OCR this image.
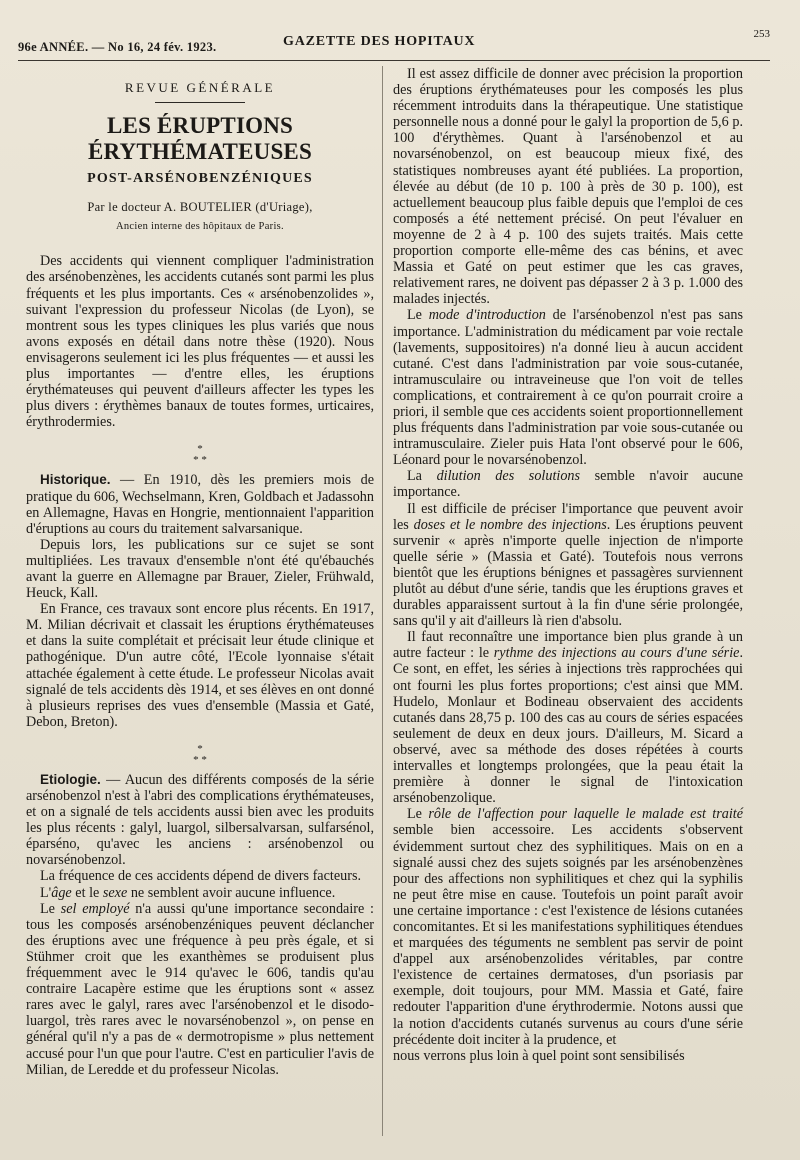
96e ANNÉE. — No 16, 24 fév. 1923.	GAZETTE DES HOPITAUX	253
REVUE GÉNÉRALE
LES ÉRUPTIONS ÉRYTHÉMATEUSES
POST-ARSÉNOBENZÉNIQUES
Par le docteur A. BOUTELIER (d'Uriage),
Ancien interne des hôpitaux de Paris.

Des accidents qui viennent compliquer l'administration des arsénobenzènes, les accidents cutanés sont parmi les plus fréquents et les plus importants. Ces « arsénobenzolides », suivant l'expression du professeur Nicolas (de Lyon), se montrent sous les types cliniques les plus variés que nous avons exposés en détail dans notre thèse (1920). Nous envisagerons seulement ici les plus fréquentes — et aussi les plus importantes — d'entre elles, les éruptions érythémateuses qui peuvent d'ailleurs affecter les types les plus divers : érythèmes banaux de toutes formes, urticaires, érythrodermies.

*
* *

Historique. — En 1910, dès les premiers mois de pratique du 606, Wechselmann, Kren, Goldbach et Jadassohn en Allemagne, Havas en Hongrie, mentionnaient l'apparition d'éruptions au cours du traitement salvarsanique.

Depuis lors, les publications sur ce sujet se sont multipliées. Les travaux d'ensemble n'ont été qu'ébauchés avant la guerre en Allemagne par Brauer, Zieler, Frühwald, Heuck, Kall.

En France, ces travaux sont encore plus récents. En 1917, M. Milian décrivait et classait les éruptions érythémateuses et dans la suite complétait et précisait leur étude clinique et pathogénique. D'un autre côté, l'Ecole lyonnaise s'était attachée également à cette étude. Le professeur Nicolas avait signalé de tels accidents dès 1914, et ses élèves en ont donné à plusieurs reprises des vues d'ensemble (Massia et Gaté, Debon, Breton).

*
* *

Etiologie. — Aucun des différents composés de la série arsénobenzol n'est à l'abri des complications érythémateuses, et on a signalé de tels accidents aussi bien avec les produits les plus récents : galyl, luargol, silbersalvarsan, sulfarsénol, éparséno, qu'avec les anciens : arsénobenzol ou novarsénobenzol.

La fréquence de ces accidents dépend de divers facteurs.

L'âge et le sexe ne semblent avoir aucune influence.

Le sel employé n'a aussi qu'une importance secondaire : tous les composés arsénobenzéniques peuvent déclancher des éruptions avec une fréquence à peu près égale, et si Stühmer croit que les exanthèmes se produisent plus fréquemment avec le 914 qu'avec le 606, tandis qu'au contraire Lacapère estime que les éruptions sont « assez rares avec le galyl, rares avec l'arsénobenzol et le disodo-luargol, très rares avec le novarsénobenzol », on pense en général qu'il n'y a pas de « dermotropisme » plus nettement accusé pour l'un que pour l'autre. C'est en particulier l'avis de Milian, de Leredde et du professeur Nicolas.

Il est assez difficile de donner avec précision la proportion des éruptions érythémateuses pour les composés les plus récemment introduits dans la thérapeutique. Une statistique personnelle nous a donné pour le galyl la proportion de 5,6 p. 100 d'érythèmes. Quant à l'arsénobenzol et au novarsénobenzol, on est beaucoup mieux fixé, des statistiques nombreuses ayant été publiées. La proportion, élevée au début (de 10 p. 100 à près de 30 p. 100), est actuellement beaucoup plus faible depuis que l'emploi de ces composés a été nettement précisé. On peut l'évaluer en moyenne de 2 à 4 p. 100 des sujets traités. Mais cette proportion comporte elle-même des cas bénins, et avec Massia et Gaté on peut estimer que les cas graves, relativement rares, ne doivent pas dépasser 2 à 3 p. 1.000 des malades injectés.

Le mode d'introduction de l'arsénobenzol n'est pas sans importance. L'administration du médicament par voie rectale (lavements, suppositoires) n'a donné lieu à aucun accident cutané. C'est dans l'administration par voie sous-cutanée, intramusculaire ou intraveineuse que l'on voit de telles complications, et contrairement à ce qu'on pourrait croire a priori, il semble que ces accidents soient proportionnellement plus fréquents dans l'administration par voie sous-cutanée ou intramusculaire. Zieler puis Hata l'ont observé pour le 606, Léonard pour le novarsénobenzol.

La dilution des solutions semble n'avoir aucune importance.

Il est difficile de préciser l'importance que peuvent avoir les doses et le nombre des injections. Les éruptions peuvent survenir « après n'importe quelle injection de n'importe quelle série » (Massia et Gaté). Toutefois nous verrons bientôt que les éruptions bénignes et passagères surviennent plutôt au début d'une série, tandis que les éruptions graves et durables apparaissent surtout à la fin d'une série prolongée, sans qu'il y ait d'ailleurs là rien d'absolu.

Il faut reconnaître une importance bien plus grande à un autre facteur : le rythme des injections au cours d'une série. Ce sont, en effet, les séries à injections très rapprochées qui ont fourni les plus fortes proportions; c'est ainsi que MM. Hudelo, Monlaur et Bodineau observaient des accidents cutanés dans 28,75 p. 100 des cas au cours de séries espacées seulement de deux en deux jours. D'ailleurs, M. Sicard a observé, avec sa méthode des doses répétées à courts intervalles et longtemps prolongées, que la peau était la première à donner le signal de l'intoxication arsénobenzolique.

Le rôle de l'affection pour laquelle le malade est traité semble bien accessoire. Les accidents s'observent évidemment surtout chez des syphilitiques. Mais on en a signalé aussi chez des sujets soignés par les arsénobenzènes pour des affections non syphilitiques et chez qui la syphilis ne peut être mise en cause. Toutefois un point paraît avoir une certaine importance : c'est l'existence de lésions cutanées concomitantes. Et si les manifestations syphilitiques étendues et marquées des téguments ne semblent pas servir de point d'appel aux arsénobenzolides véritables, par contre l'existence de certaines dermatoses, d'un psoriasis par exemple, doit toujours, pour MM. Massia et Gaté, faire redouter l'apparition d'une érythrodermie. Notons aussi que la notion d'accidents cutanés survenus au cours d'une série précédente doit inciter à la prudence, et

nous verrons plus loin à quel point sont sensibilisés
